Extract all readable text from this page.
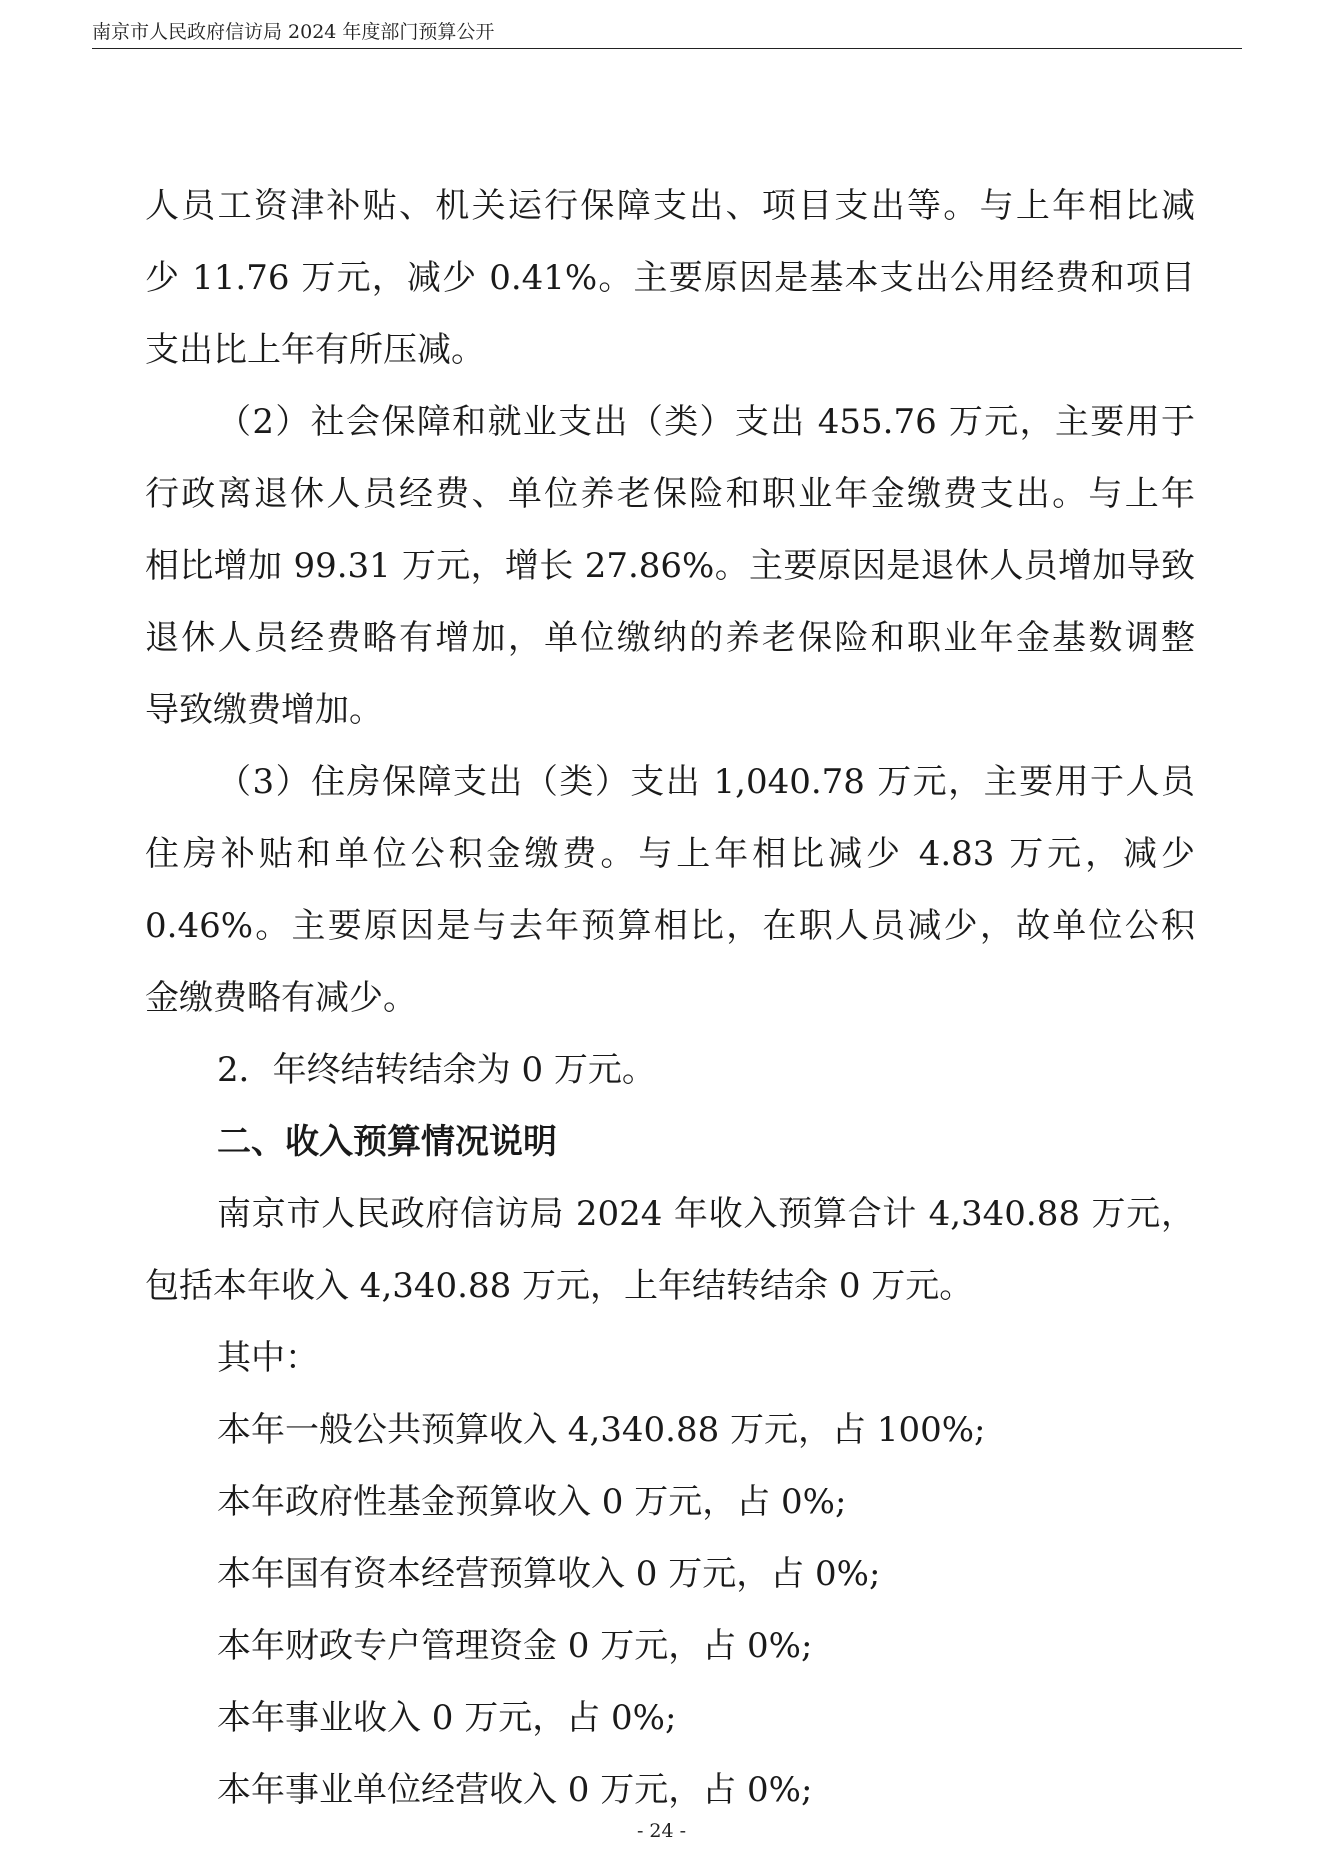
南京市人民政府信访局 2024 年度部门预算公开
人员工资津补贴、机关运行保障支出、项目支出等。与上年相比减
少 11.76 万元，减少 0.41%。主要原因是基本支出公用经费和项目
支出比上年有所压减。
（2）社会保障和就业支出（类）支出 455.76 万元，主要用于
行政离退休人员经费、单位养老保险和职业年金缴费支出。与上年
相比增加 99.31 万元，增长 27.86%。主要原因是退休人员增加导致
退休人员经费略有增加，单位缴纳的养老保险和职业年金基数调整
导致缴费增加。
（3）住房保障支出（类）支出 1,040.78 万元，主要用于人员
住房补贴和单位公积金缴费。与上年相比减少 4.83 万元，减少
0.46%。主要原因是与去年预算相比，在职人员减少，故单位公积
金缴费略有减少。
2．年终结转结余为 0 万元。
二、收入预算情况说明
南京市人民政府信访局 2024 年收入预算合计 4,340.88 万元，
包括本年收入 4,340.88 万元，上年结转结余 0 万元。
其中：
本年一般公共预算收入 4,340.88 万元，占 100%;
本年政府性基金预算收入 0 万元，占 0%;
本年国有资本经营预算收入 0 万元，占 0%;
本年财政专户管理资金 0 万元，占 0%;
本年事业收入 0 万元，占 0%;
本年事业单位经营收入 0 万元，占 0%;
- 24 -
